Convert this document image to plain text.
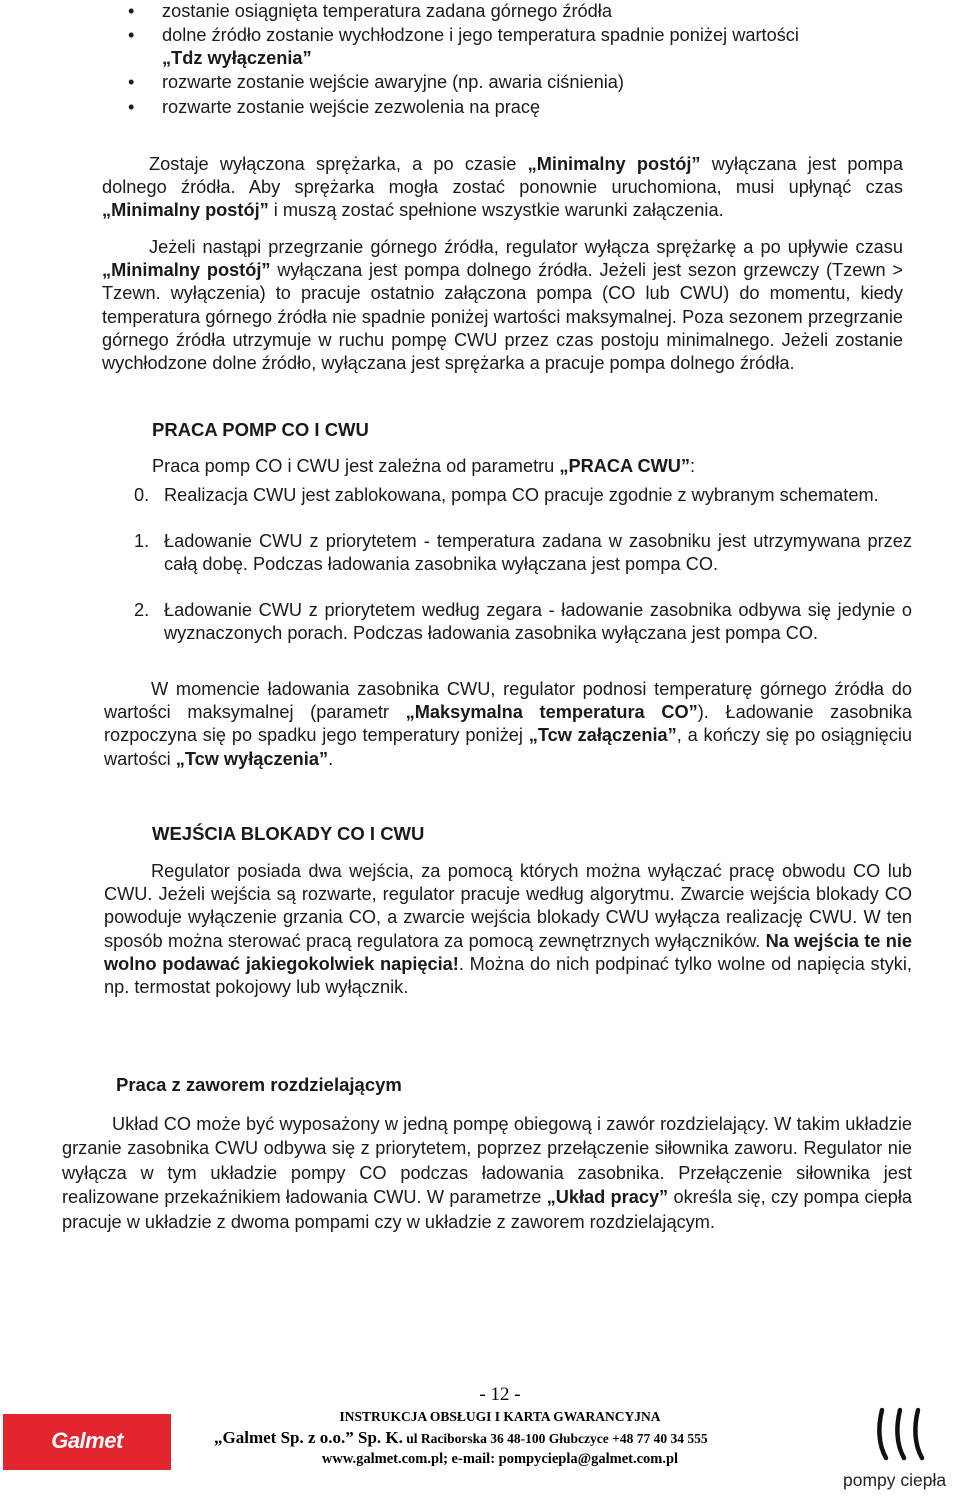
• zostanie osiągnięta temperatura zadana górnego źródła
• dolne źródło zostanie wychłodzone i jego temperatura spadnie poniżej wartości
„Tdz wyłączenia”
• rozwarte zostanie wejście awaryjne (np. awaria ciśnienia)
• rozwarte zostanie wejście zezwolenia na pracę

Zostaje wyłączona sprężarka, a po czasie „Minimalny postój” wyłączana jest pompa dolnego źródła. Aby sprężarka mogła zostać ponownie uruchomiona, musi upłynąć czas „Minimalny postój” i muszą zostać spełnione wszystkie warunki załączenia.

Jeżeli nastąpi przegrzanie górnego źródła, regulator wyłącza sprężarkę a po upływie czasu „Minimalny postój” wyłączana jest pompa dolnego źródła. Jeżeli jest sezon grzewczy (Tzewn > Tzewn. wyłączenia) to pracuje ostatnio załączona pompa (CO lub CWU) do momentu, kiedy temperatura górnego źródła nie spadnie poniżej wartości maksymalnej. Poza sezonem przegrzanie górnego źródła utrzymuje w ruchu pompę CWU przez czas postoju minimalnego. Jeżeli zostanie wychłodzone dolne źródło, wyłączana jest sprężarka a pracuje pompa dolnego źródła.

PRACA POMP CO I CWU

Praca pomp CO i CWU jest zależna od parametru „PRACA CWU”:

0. Realizacja CWU jest zablokowana, pompa CO pracuje zgodnie z wybranym schematem.
1. Ładowanie CWU z priorytetem - temperatura zadana w zasobniku jest utrzymywana przez całą dobę. Podczas ładowania zasobnika wyłączana jest pompa CO.
2. Ładowanie CWU z priorytetem według zegara - ładowanie zasobnika odbywa się jedynie o wyznaczonych porach. Podczas ładowania zasobnika wyłączana jest pompa CO.

W momencie ładowania zasobnika CWU, regulator podnosi temperaturę górnego źródła do wartości maksymalnej (parametr „Maksymalna temperatura CO”). Ładowanie zasobnika rozpoczyna się po spadku jego temperatury poniżej „Tcw załączenia”, a kończy się po osiągnięciu wartości „Tcw wyłączenia”.

WEJŚCIA BLOKADY CO I CWU

Regulator posiada dwa wejścia, za pomocą których można wyłączać pracę obwodu CO lub CWU. Jeżeli wejścia są rozwarte, regulator pracuje według algorytmu. Zwarcie wejścia blokady CO powoduje wyłączenie grzania CO, a zwarcie wejścia blokady CWU wyłącza realizację CWU. W ten sposób można sterować pracą regulatora za pomocą zewnętrznych wyłączników. Na wejścia te nie wolno podawać jakiegokolwiek napięcia!. Można do nich podpinać tylko wolne od napięcia styki, np. termostat pokojowy lub wyłącznik.

Praca z zaworem rozdzielającym

Układ CO może być wyposażony w jedną pompę obiegową i zawór rozdzielający. W takim układzie grzanie zasobnika CWU odbywa się z priorytetem, poprzez przełączenie siłownika zaworu. Regulator nie wyłącza w tym układzie pompy CO podczas ładowania zasobnika. Przełączenie siłownika jest realizowane przekaźnikiem ładowania CWU. W parametrze „Układ pracy” określa się, czy pompa ciepła pracuje w układzie z dwoma pompami czy w układzie z zaworem rozdzielającym.

- 12 -
INSTRUKCJA OBSŁUGI I KARTA GWARANCYJNA
„Galmet Sp. z o.o.” Sp. K. ul Raciborska 36 48-100 Głubczyce +48 77 40 34 555
www.galmet.com.pl; e-mail: pompyciepla@galmet.com.pl
Galmet
pompy ciepła
